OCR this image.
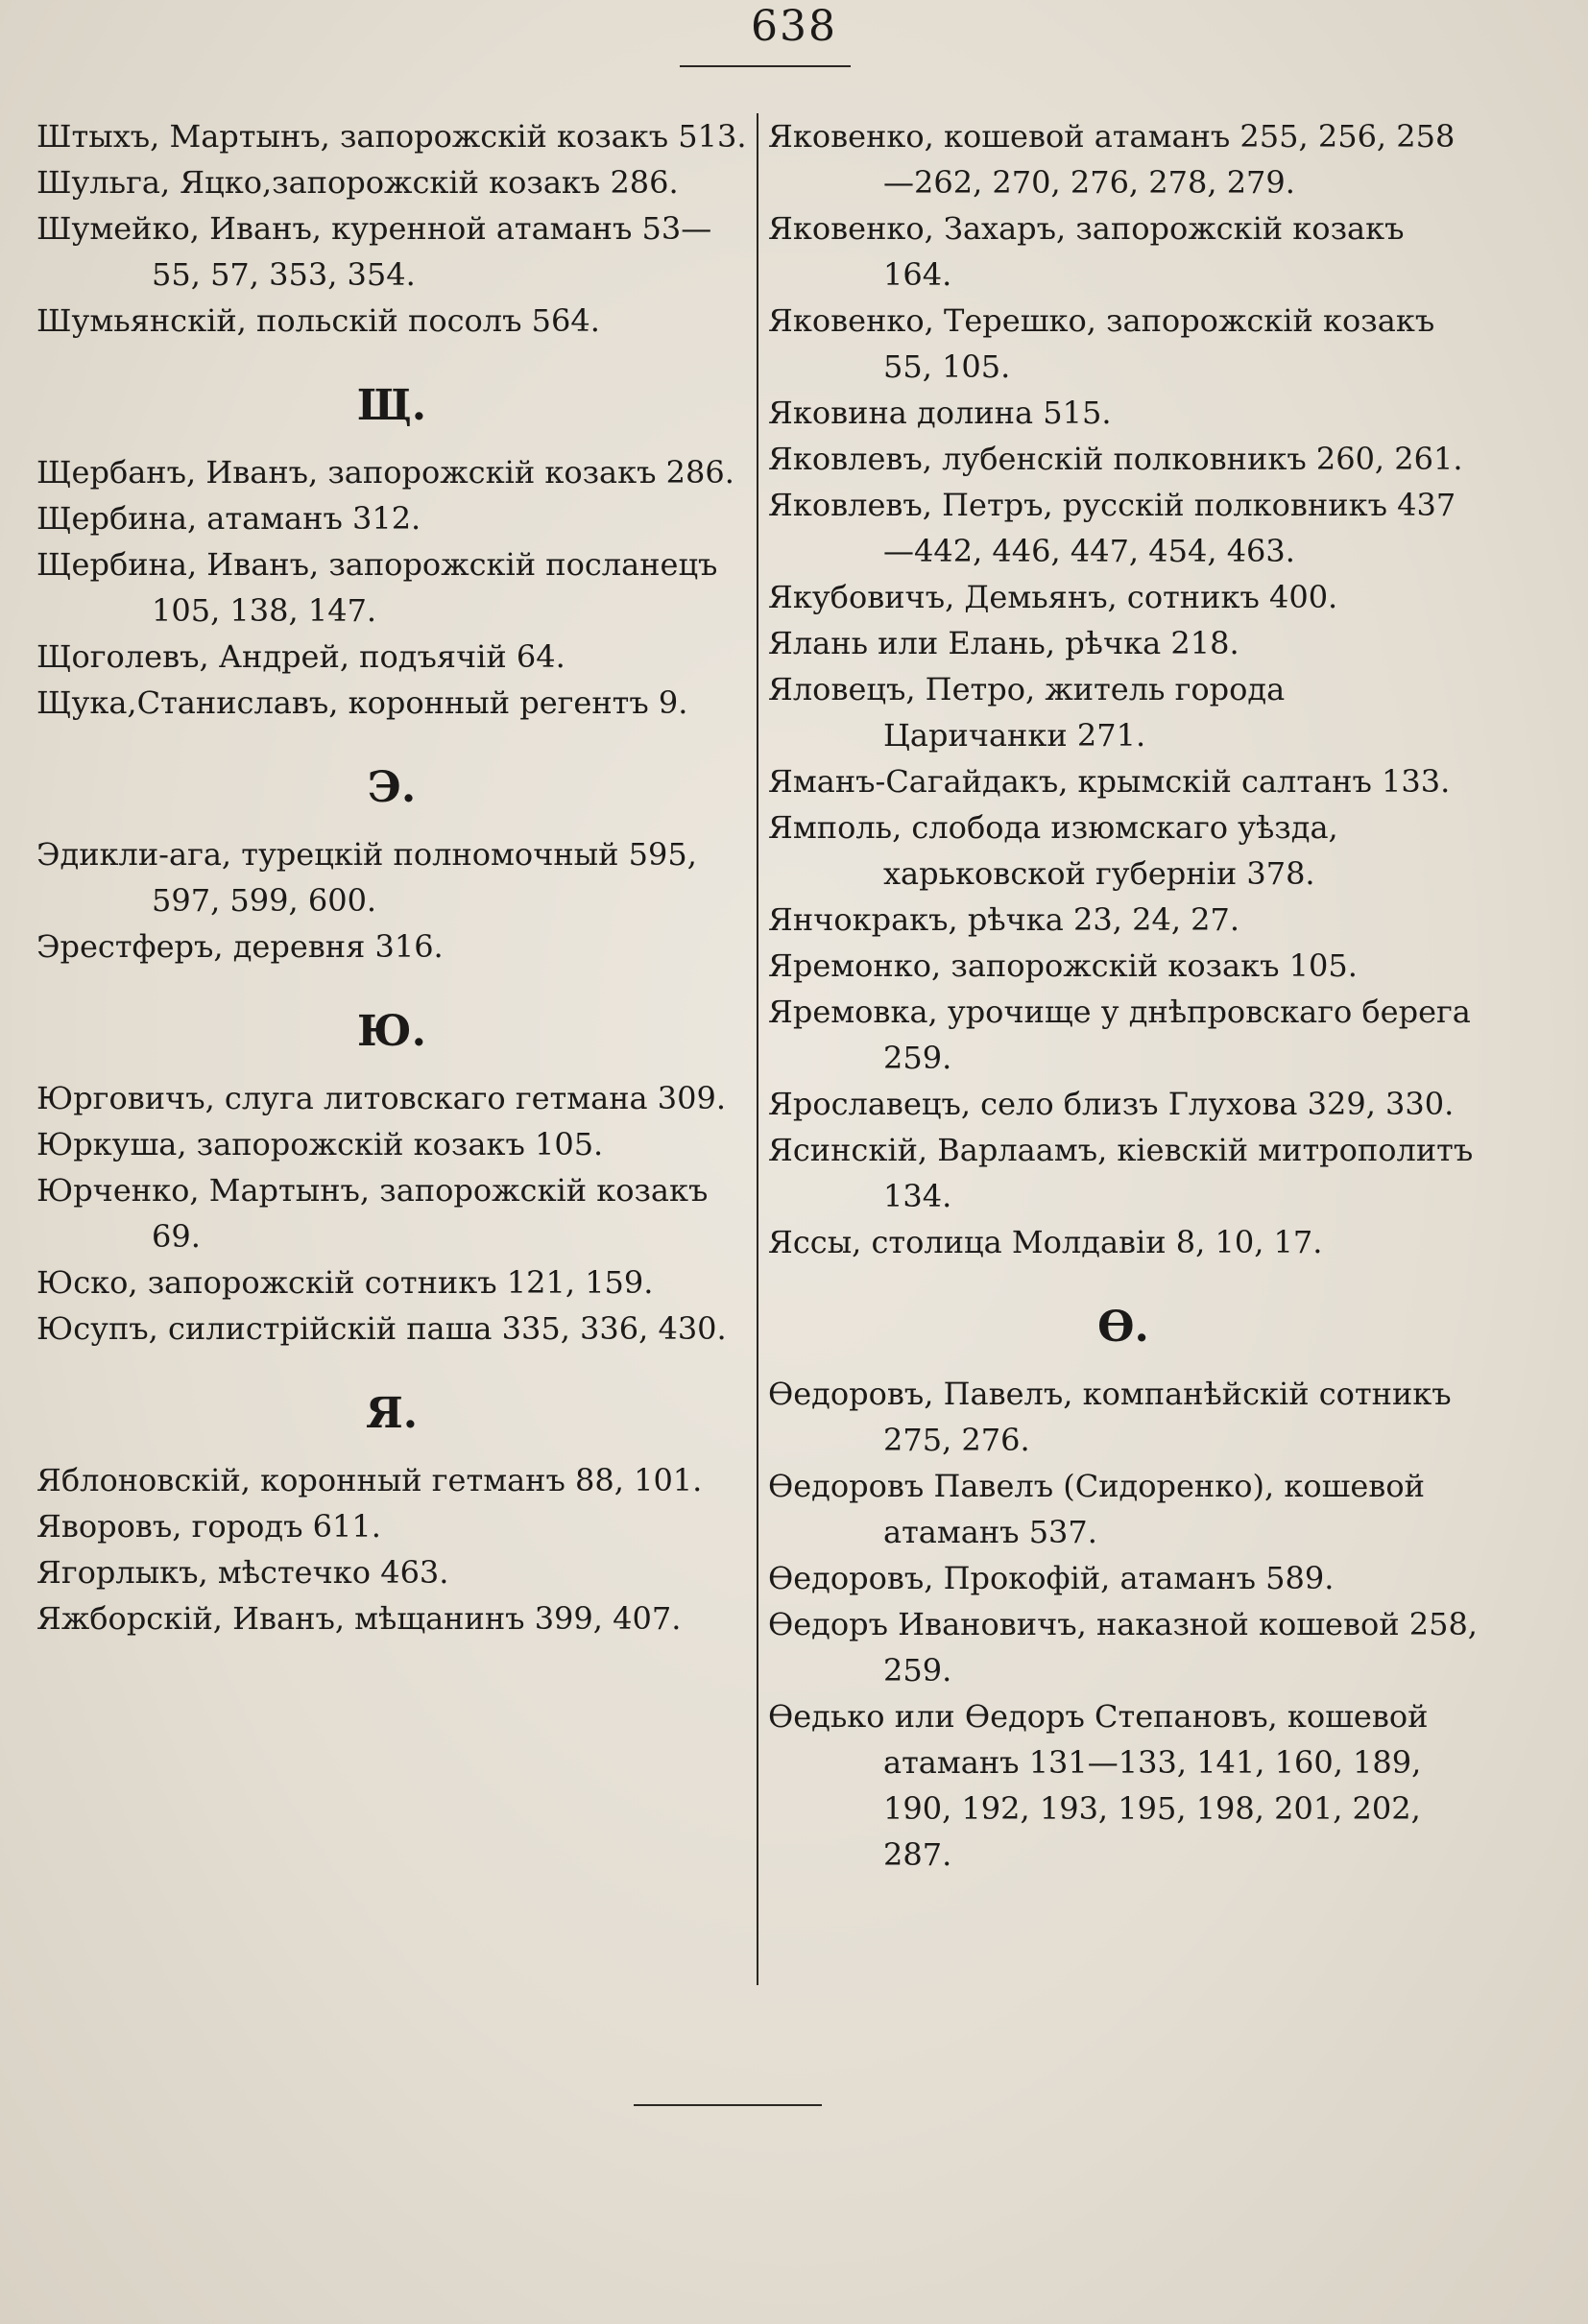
638
Штыхъ, Мартынъ, запорожскій козакъ 513.
Шульга, Яцко,запорожскій козакъ 286.
Шумейко, Иванъ, куренной атаманъ 53—55, 57, 353, 354.
Шумьянскій, польскій посолъ 564.
Щ.
Щербанъ, Иванъ, запорожскій козакъ 286.
Щербина, атаманъ 312.
Щербина, Иванъ, запорожскій посланецъ 105, 138, 147.
Щоголевъ, Андрей, подъячій 64.
Щука,Станиславъ, коронный регентъ 9.
Э.
Эдикли-ага, турецкій полномочный 595, 597, 599, 600.
Эрестферъ, деревня 316.
Ю.
Юрговичъ, слуга литовскаго гетмана 309.
Юркуша, запорожскій козакъ 105.
Юрченко, Мартынъ, запорожскій козакъ 69.
Юско, запорожскій сотникъ 121, 159.
Юсупъ, силистрійскій паша 335, 336, 430.
Я.
Яблоновскій, коронный гетманъ 88, 101.
Яворовъ, городъ 611.
Ягорлыкъ, мѣстечко 463.
Яжборскій, Иванъ, мѣщанинъ 399, 407.
Яковенко, кошевой атаманъ 255, 256, 258—262, 270, 276, 278, 279.
Яковенко, Захаръ, запорожскій козакъ 164.
Яковенко, Терешко, запорожскій козакъ 55, 105.
Яковина долина 515.
Яковлевъ, лубенскій полковникъ 260, 261.
Яковлевъ, Петръ, русскій полковникъ 437—442, 446, 447, 454, 463.
Якубовичъ, Демьянъ, сотникъ 400.
Ялань или Елань, рѣчка 218.
Яловецъ, Петро, житель города Царичанки 271.
Яманъ-Сагайдакъ, крымскій салтанъ 133.
Ямполь, слобода изюмскаго уѣзда, харьковской губерніи 378.
Янчокракъ, рѣчка 23, 24, 27.
Яремонко, запорожскій козакъ 105.
Яремовка, урочище у днѣпровскаго берега 259.
Ярославецъ, село близъ Глухова 329, 330.
Ясинскій, Варлаамъ, кіевскій митрополитъ 134.
Яссы, столица Молдавіи 8, 10, 17.
Ѳ.
Ѳедоровъ, Павелъ, компанѣйскій сотникъ 275, 276.
Ѳедоровъ Павелъ (Сидоренко), кошевой атаманъ 537.
Ѳедоровъ, Прокофій, атаманъ 589.
Ѳедоръ Ивановичъ, наказной кошевой 258, 259.
Ѳедько или Ѳедоръ Степановъ, кошевой атаманъ 131—133, 141, 160, 189, 190, 192, 193, 195, 198, 201, 202, 287.
